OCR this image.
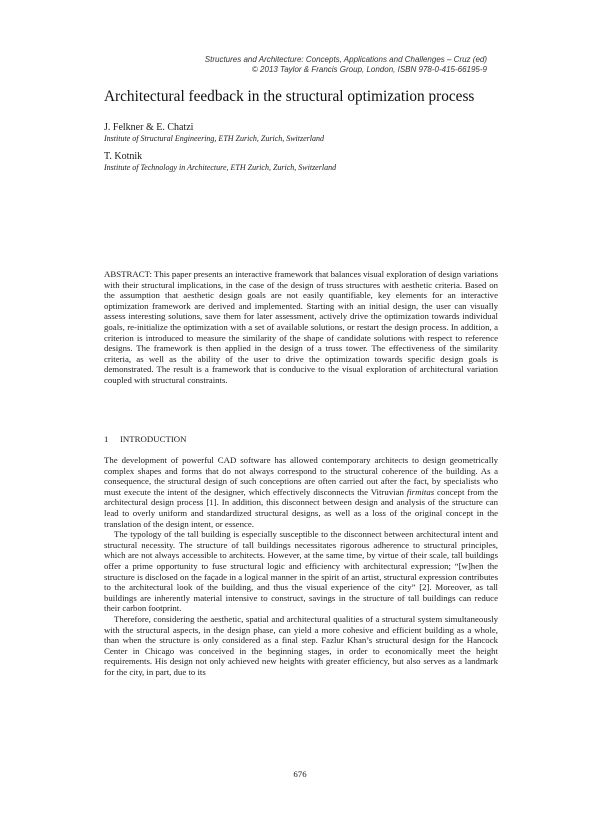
Structures and Architecture: Concepts, Applications and Challenges – Cruz (ed)
© 2013 Taylor & Francis Group, London, ISBN 978-0-415-66195-9
Architectural feedback in the structural optimization process
J. Felkner & E. Chatzi
Institute of Structural Engineering, ETH Zurich, Zurich, Switzerland
T. Kotnik
Institute of Technology in Architecture, ETH Zurich, Zurich, Switzerland

ABSTRACT: This paper presents an interactive framework that balances visual exploration of design variations with their structural implications, in the case of the design of truss structures with aesthetic criteria. Based on the assumption that aesthetic design goals are not easily quantifiable, key elements for an interactive optimization framework are derived and implemented. Starting with an initial design, the user can visually assess interesting solutions, save them for later assessment, actively drive the optimization towards individual goals, re-initialize the optimization with a set of available solutions, or restart the design process. In addition, a criterion is introduced to measure the similarity of the shape of candidate solutions with respect to reference designs. The framework is then applied in the design of a truss tower. The effectiveness of the similarity criteria, as well as the ability of the user to drive the optimization towards specific design goals is demonstrated. The result is a framework that is conducive to the visual exploration of architectural variation coupled with structural constraints.

1 INTRODUCTION

The development of powerful CAD software has allowed contemporary architects to design geometrically complex shapes and forms that do not always correspond to the structural coherence of the building. As a consequence, the structural design of such conceptions are often carried out after the fact, by specialists who must execute the intent of the designer, which effectively disconnects the Vitruvian firmitas concept from the architectural design process [1]. In addition, this disconnect between design and analysis of the structure can lead to overly uniform and standardized structural designs, as well as a loss of the original concept in the translation of the design intent, or essence.

The typology of the tall building is especially susceptible to the disconnect between architectural intent and structural necessity. The structure of tall buildings necessitates rigorous adherence to structural principles, which are not always accessible to architects. However, at the same time, by virtue of their scale, tall buildings offer a prime opportunity to fuse structural logic and efficiency with architectural expression; “[w]hen the structure is disclosed on the façade in a logical manner in the spirit of an artist, structural expression contributes to the architectural look of the building, and thus the visual experience of the city” [2]. Moreover, as tall buildings are inherently material intensive to construct, savings in the structure of tall buildings can reduce their carbon footprint.

Therefore, considering the aesthetic, spatial and architectural qualities of a structural system simultaneously with the structural aspects, in the design phase, can yield a more cohesive and efficient building as a whole, than when the structure is only considered as a final step. Fazlur Khan’s structural design for the Hancock Center in Chicago was conceived in the beginning stages, in order to economically meet the height requirements. His design not only achieved new heights with greater efficiency, but also serves as a landmark for the city, in part, due to its

676
